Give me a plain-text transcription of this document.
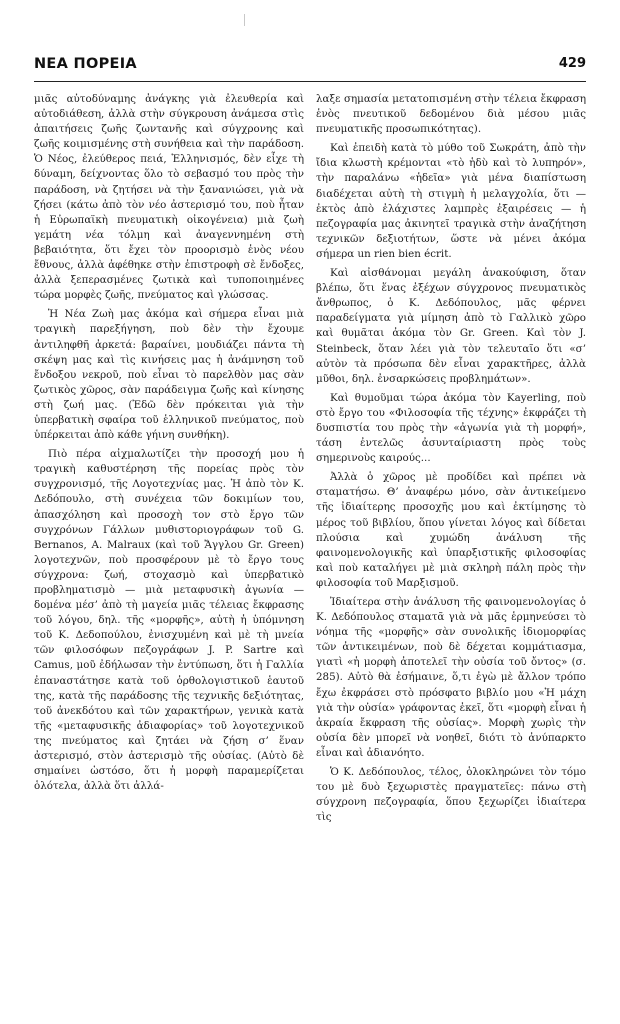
ΝΕΑ ΠΟΡΕΙΑ	429

μιᾶς αὐτοδύναμης ἀνάγκης γιὰ ἐλευθερία καὶ αὐτοδιάθεση, ἀλλὰ στὴν σύγκρουση ἀνάμεσα στὶς ἀπαιτήσεις ζωῆς ζωντανῆς καὶ σύγχρονης καὶ ζωῆς κοιμισμένης στὴ συνήθεια καὶ τὴν παράδοση. Ὁ Νέος, ἐλεύθερος πειά, Ἑλληνισμός, δὲν εἶχε τὴ δύναμη, δείχνοντας ὅλο τὸ σεβασμό του πρὸς τὴν παράδοση, νὰ ζητήσει νὰ τὴν ξανανιώσει, γιὰ νὰ ζήσει (κάτω ἀπὸ τὸν νέο ἀστερισμό του, ποὺ ἦταν ἡ Εὐρωπαϊκὴ πνευματικὴ οἰκογένεια) μιὰ ζωὴ γεμάτη νέα τόλμη καὶ ἀναγεννημένη στὴ βεβαιότητα, ὅτι ἔχει τὸν προορισμὸ ἑνὸς νέου ἔθνους, ἀλλὰ ἀφέθηκε στὴν ἐπιστροφὴ σὲ ἔνδοξες, ἀλλὰ ξεπερασμένες ζωτικὰ καὶ τυποποιημένες τώρα μορφὲς ζωῆς, πνεύματος καὶ γλώσσας.

Ἡ Νέα Ζωὴ μας ἀκόμα καὶ σήμερα εἶναι μιὰ τραγικὴ παρεξήγηση, ποὺ δὲν τὴν ἔχουμε ἀντιληφθῆ ἀρκετά: βαραίνει, μουδιάζει πάντα τὴ σκέψη μας καὶ τὶς κινήσεις μας ἡ ἀνάμνηση τοῦ ἔνδοξου νεκροῦ, ποὺ εἶναι τὸ παρελθὸν μας σὰν ζωτικὸς χῶρος, σὰν παράδειγμα ζωῆς καὶ κίνησης στὴ ζωή μας. (Ἐδῶ δὲν πρόκειται γιὰ τὴν ὑπερβατικὴ σφαίρα τοῦ ἑλληνικοῦ πνεύματος, ποὺ ὑπέρκειται ἀπὸ κάθε γήινη συνθήκη).

Πιὸ πέρα αἰχμαλωτίζει τὴν προσοχή μου ἡ τραγικὴ καθυστέρηση τῆς πορείας πρὸς τὸν συγχρονισμό, τῆς Λογοτεχνίας μας. Ἡ ἀπὸ τὸν Κ. Δεδόπουλο, στὴ συνέχεια τῶν δοκιμίων του, ἀπασχόληση καὶ προσοχὴ τον στὸ ἔργο τῶν συγχρόνων Γάλλων μυθιστοριογράφων τοῦ G. Bernanos, A. Malraux (καὶ τοῦ Ἄγγλου Gr. Green) λογοτεχνῶν, ποὺ προσφέρουν μὲ τὸ ἔργο τους σύγχρονα: ζωή, στοχασμὸ καὶ ὑπερβατικὸ προβληματισμὸ — μιὰ μεταφυσικὴ ἀγωνία — δομένα μέσ’ ἀπὸ τὴ μαγεία μιᾶς τέλειας ἔκφρασης τοῦ λόγου, δηλ. τῆς «μορφῆς», αὐτὴ ἡ ὑπόμνηση τοῦ Κ. Δεδοπούλου, ἐνισχυμένη καὶ μὲ τὴ μνεία τῶν φιλοσόφων πεζογράφων J. P. Sartre καὶ Camus, μοῦ ἐδήλωσαν τὴν ἐντύπωση, ὅτι ἡ Γαλλία ἐπαναστάτησε κατὰ τοῦ ὀρθολογιστικοῦ ἑαυτοῦ της, κατὰ τῆς παράδοσης τῆς τεχνικῆς δεξιότητας, τοῦ ἀνεκδότου καὶ τῶν χαρακτήρων, γενικὰ κατὰ τῆς «μεταφυσικῆς ἀδιαφορίας» τοῦ λογοτεχνικοῦ της πνεύματος καὶ ζητάει νὰ ζήση σ’ ἕναν ἀστερισμό, στὸν ἀστερισμὸ τῆς οὐσίας. (Αὐτὸ δὲ σημαίνει ὡστόσο, ὅτι ἡ μορφὴ παραμερίζεται ὁλότελα, ἀλλὰ ὅτι ἀλλά-

λαξε σημασία μετατοπισμένη στὴν τέλεια ἔκφραση ἑνὸς πνευτικοῦ δεδομένου διὰ μέσου μιᾶς πνευματικῆς προσωπικότητας).

Καὶ ἐπειδὴ κατὰ τὸ μύθο τοῦ Σωκράτη, ἀπὸ τὴν ἴδια κλωστὴ κρέμονται «τὸ ἡδὺ καὶ τὸ λυπηρόν», τὴν παραλάνω «ἡδεῖα» γιὰ μένα διαπίστωση διαδέχεται αὐτὴ τὴ στιγμὴ ἡ μελαγχολία, ὅτι — ἐκτὸς ἀπὸ ἐλάχιστες λαμπρὲς ἐξαιρέσεις — ἡ πεζογραφία μας ἀκινητεῖ τραγικὰ στὴν ἀναζήτηση τεχνικῶν δεξιοτήτων, ὥστε νὰ μένει ἀκόμα σήμερα un rien bien écrit.

Καὶ αἰσθάνομαι μεγάλη ἀνακούφιση, ὅταν βλέπω, ὅτι ἕνας ἐξέχων σύγχρονος πνευματικὸς ἄνθρωπος, ὁ Κ. Δεδόπουλος, μᾶς φέρνει παραδείγματα γιὰ μίμηση ἀπὸ τὸ Γαλλικὸ χῶρο καὶ θυμᾶται ἀκόμα τὸν Gr. Green. Καὶ τὸν J. Steinbeck, ὅταν λέει γιὰ τὸν τελευταῖο ὅτι «σ’ αὐτὸν τὰ πρόσωπα δὲν εἶναι χαρακτῆρες, ἀλλὰ μῦθοι, δηλ. ἐνσαρκώσεις προβλημάτων».

Καὶ θυμοῦμαι τώρα ἀκόμα τὸν Kayerling, ποὺ στὸ ἔργο του «Φιλοσοφία τῆς τέχνης» ἐκφράζει τὴ δυσπιστία του πρὸς τὴν «ἀγωνία γιὰ τὴ μορφή», τάση ἐντελῶς ἀσυνταίριαστη πρὸς τοὺς σημερινοὺς καιρούς...

Ἀλλὰ ὁ χῶρος μὲ προδίδει καὶ πρέπει νὰ σταματήσω. Θ’ ἀναφέρω μόνο, σὰν ἀντικείμενο τῆς ἰδιαίτερης προσοχῆς μου καὶ ἐκτίμησης τὸ μέρος τοῦ βιβλίου, ὅπου γίνεται λόγος καὶ δίδεται πλούσια καὶ χυμώδη ἀνάλυση τῆς φαινομενολογικῆς καὶ ὑπαρξιστικῆς φιλοσοφίας καὶ ποὺ καταλήγει μὲ μιὰ σκληρὴ πάλη πρὸς τὴν φιλοσοφία τοῦ Μαρξισμοῦ.

Ἰδιαίτερα στὴν ἀνάλυση τῆς φαινομενολογίας ὁ Κ. Δεδόπουλος σταματᾶ γιὰ νὰ μᾶς ἑρμηνεύσει τὸ νόημα τῆς «μορφῆς» σὰν συνολικῆς ἰδιομορφίας τῶν ἀντικειμένων, ποὺ δὲ δέχεται κομμάτιασμα, γιατὶ «ἡ μορφὴ ἀποτελεῖ τὴν οὐσία τοῦ ὄντος» (σ. 285). Αὐτὸ θὰ ἐσήμαινε, ὅ,τι ἐγὼ μὲ ἄλλον τρόπο ἔχω ἐκφράσει στὸ πρόσφατο βιβλίο μου «Ἡ μάχη γιὰ τὴν οὐσία» γράφοντας ἐκεῖ, ὅτι «μορφὴ εἶναι ἡ ἀκραία ἔκφραση τῆς οὐσίας». Μορφὴ χωρὶς τὴν οὐσία δὲν μπορεῖ νὰ νοηθεῖ, διότι τὸ ἀνύπαρκτο εἶναι καὶ ἀδιανόητο.

Ὁ Κ. Δεδόπουλος, τέλος, ὁλοκληρώνει τὸν τόμο του μὲ δυὸ ξεχωριστὲς πραγματεῖες: πάνω στὴ σύγχρονη πεζογραφία, ὅπου ξεχωρίζει ἰδιαίτερα τὶς
